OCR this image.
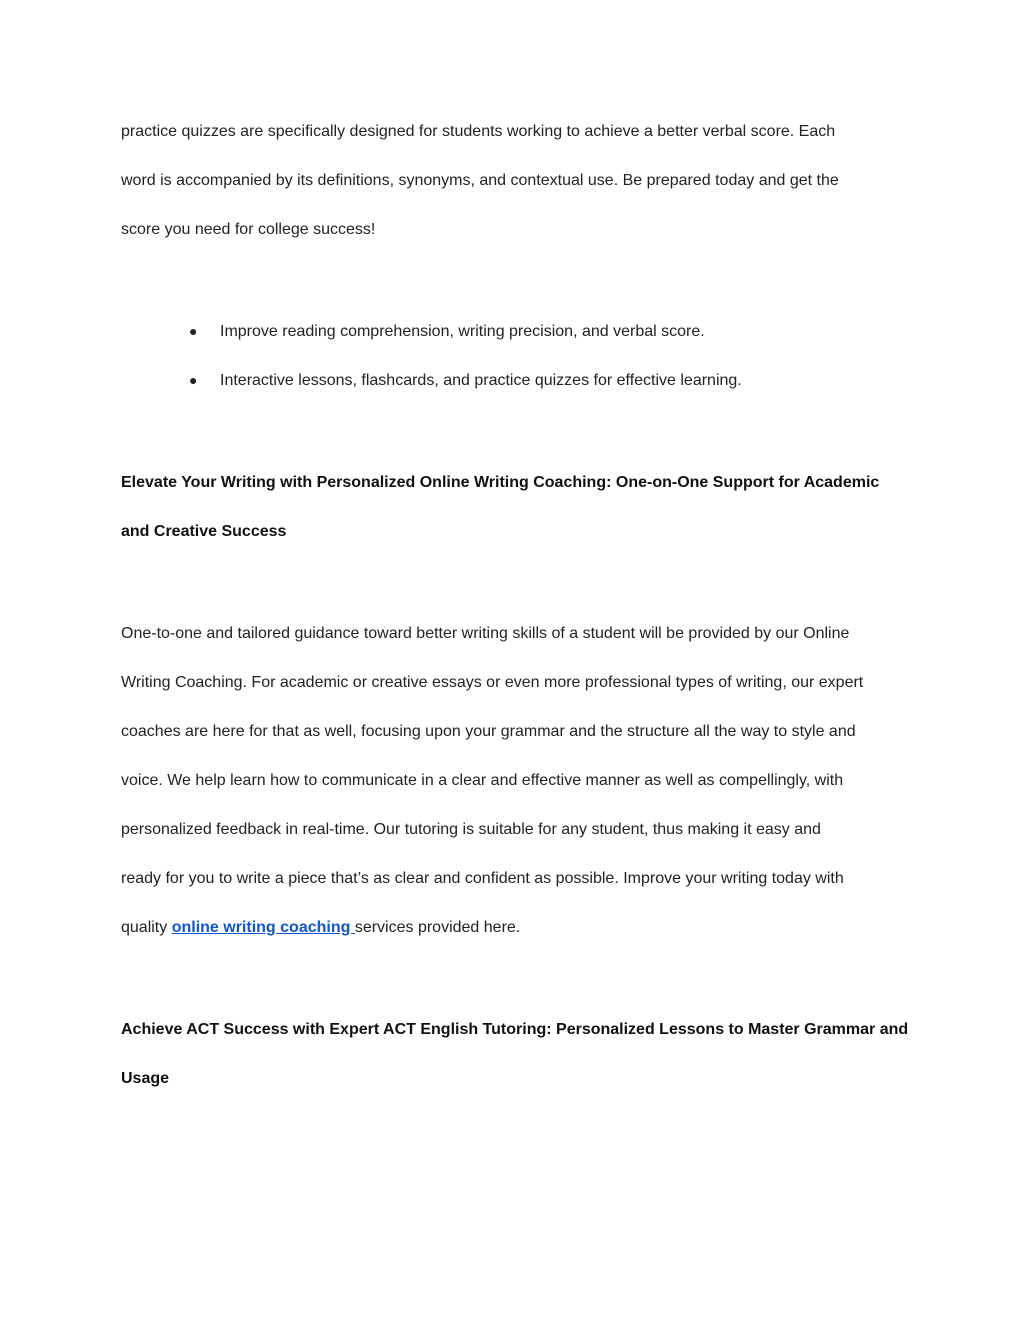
practice quizzes are specifically designed for students working to achieve a better verbal score. Each

word is accompanied by its definitions, synonyms, and contextual use. Be prepared today and get the

score you need for college success!

● Improve reading comprehension, writing precision, and verbal score.
● Interactive lessons, flashcards, and practice quizzes for effective learning.

Elevate Your Writing with Personalized Online Writing Coaching: One-on-One Support for Academic

and Creative Success

One-to-one and tailored guidance toward better writing skills of a student will be provided by our Online

Writing Coaching. For academic or creative essays or even more professional types of writing, our expert

coaches are here for that as well, focusing upon your grammar and the structure all the way to style and

voice. We help learn how to communicate in a clear and effective manner as well as compellingly, with

personalized feedback in real-time. Our tutoring is suitable for any student, thus making it easy and

ready for you to write a piece that’s as clear and confident as possible. Improve your writing today with

quality online writing coaching services provided here.

Achieve ACT Success with Expert ACT English Tutoring: Personalized Lessons to Master Grammar and

Usage
